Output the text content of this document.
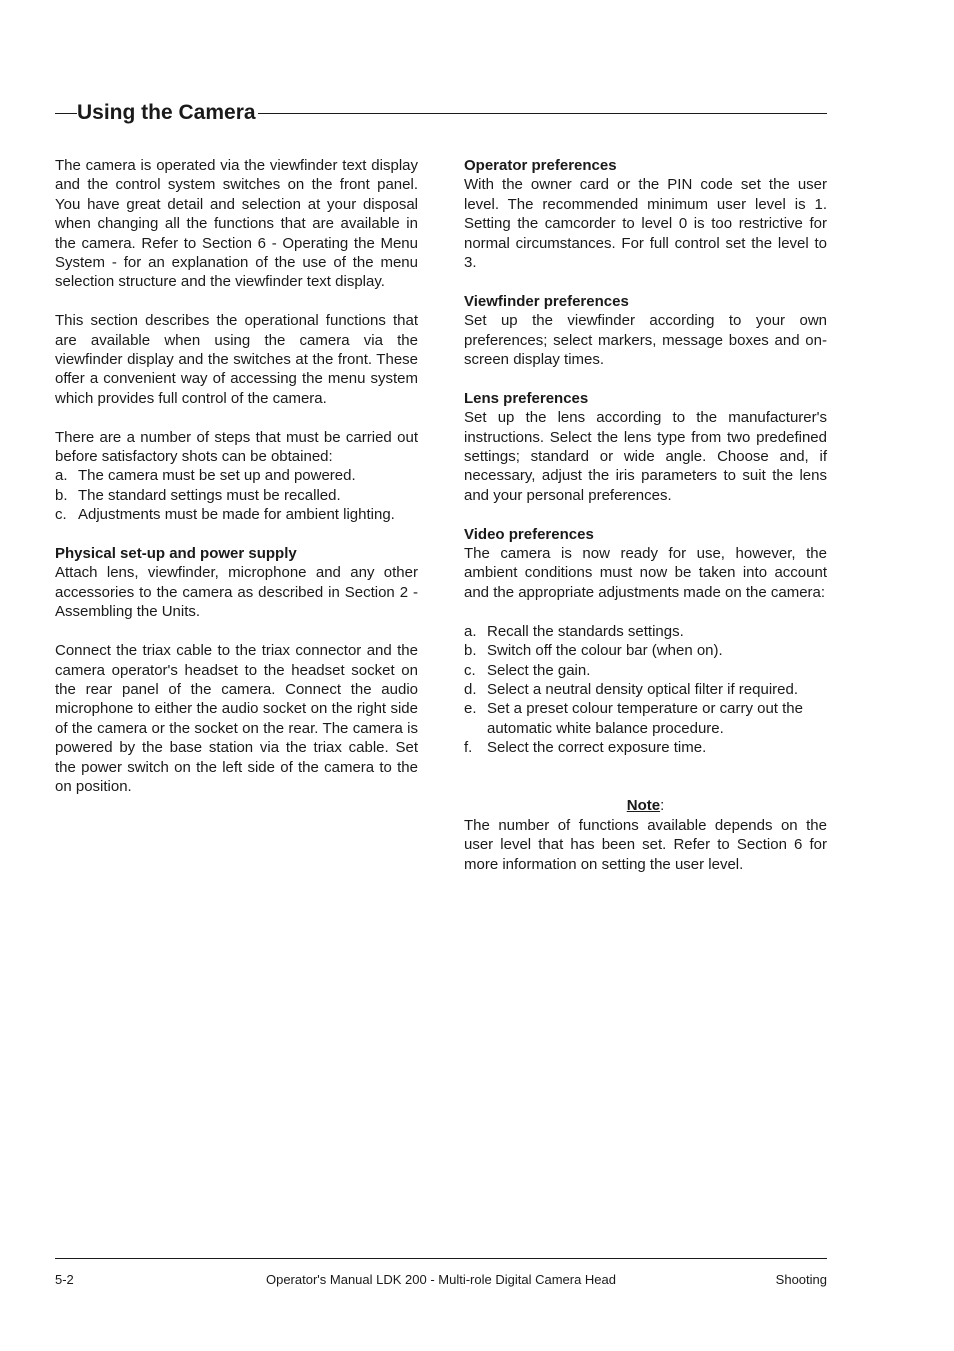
Using the Camera

The camera is operated via the viewfinder text display and the control system switches on the front panel. You have great detail and selection at your disposal when changing all the functions that are available in the camera. Refer to Section 6 - Operating the Menu System - for an explanation of the use of the menu selection structure and the viewfinder text display.

This section describes the operational functions that are available when using the camera via the viewfinder display and the switches at the front. These offer a convenient way of accessing the menu system which provides full control of the camera.

There are a number of steps that must be carried out before satisfactory shots can be obtained:

a. The camera must be set up and powered.
b. The standard settings must be recalled.
c. Adjustments must be made for ambient lighting.
Physical set-up and power supply

Attach lens, viewfinder, microphone and any other accessories to the camera as described in Section 2 - Assembling the Units.

Connect the triax cable to the triax connector and the camera operator's headset to the headset socket on the rear panel of the camera. Connect the audio microphone to either the audio socket on the right side of the camera or the socket on the rear. The camera is powered by the base station via the triax cable. Set the power switch on the left side of the camera to the on position.

Operator preferences

With the owner card or the PIN code set the user level. The recommended minimum user level is 1. Setting the camcorder to level 0 is too restrictive for normal circumstances. For full control set the level to 3.

Viewfinder preferences

Set up the viewfinder according to your own preferences; select markers, message boxes and on-screen display times.

Lens preferences

Set up the lens according to the manufacturer's instructions. Select the lens type from two predefined settings; standard or wide angle. Choose and, if necessary, adjust the iris parameters to suit the lens and your personal preferences.

Video preferences

The camera is now ready for use, however, the ambient conditions must now be taken into account and the appropriate adjustments made on the camera:

a. Recall the standards settings.
b. Switch off the colour bar (when on).
c. Select the gain.
d. Select a neutral density optical filter if required.
e. Set a preset colour temperature or carry out the automatic white balance procedure.
f. Select the correct exposure time.
Note:

The number of functions available depends on the user level that has been set. Refer to Section 6 for more information on setting the user level.

5-2	Operator's Manual LDK 200 - Multi-role Digital Camera Head	Shooting
